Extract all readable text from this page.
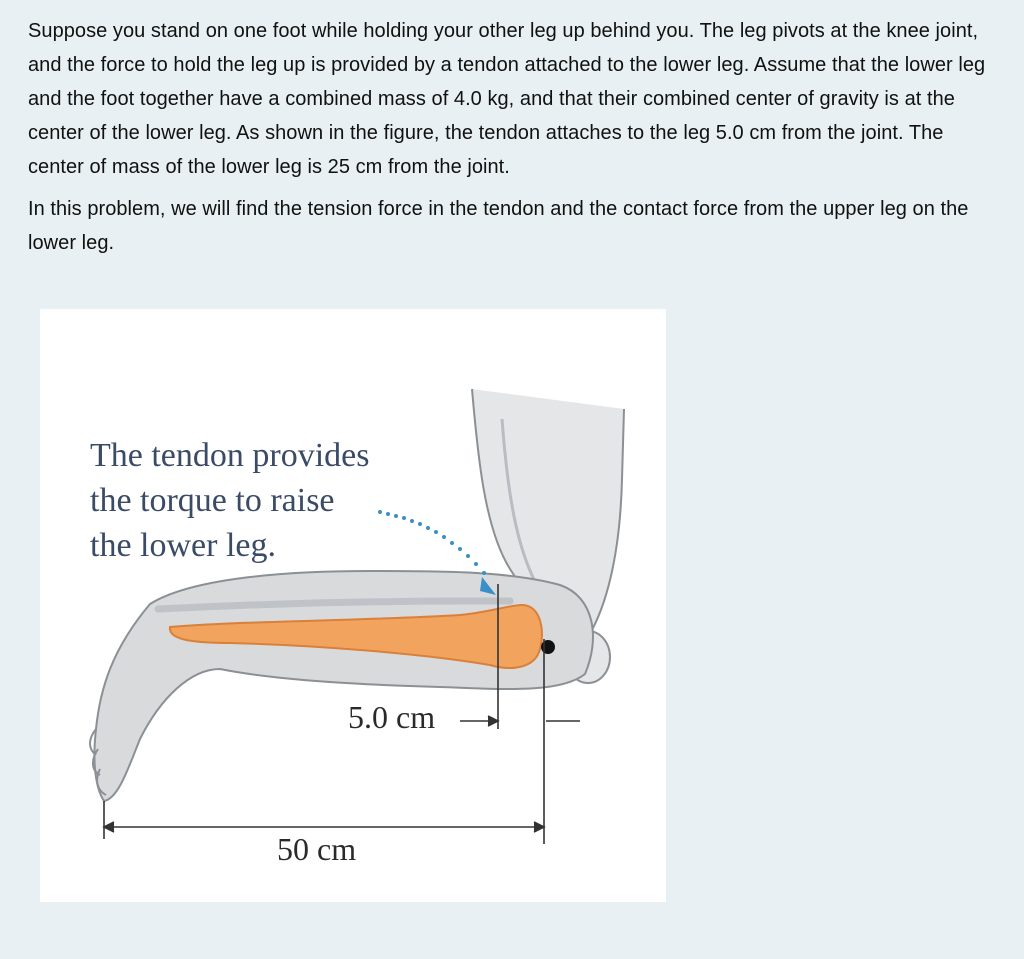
Suppose you stand on one foot while holding your other leg up behind you. The leg pivots at the knee joint, and the force to hold the leg up is provided by a tendon attached to the lower leg. Assume that the lower leg and the foot together have a combined mass of 4.0 kg, and that their combined center of gravity is at the center of the lower leg. As shown in the figure, the tendon attaches to the leg 5.0 cm from the joint. The center of mass of the lower leg is 25 cm from the joint.

In this problem, we will find the tension force in the tendon and the contact force from the upper leg on the lower leg.

The tendon provides
the torque to raise
the lower leg.
5.0 cm
50 cm
